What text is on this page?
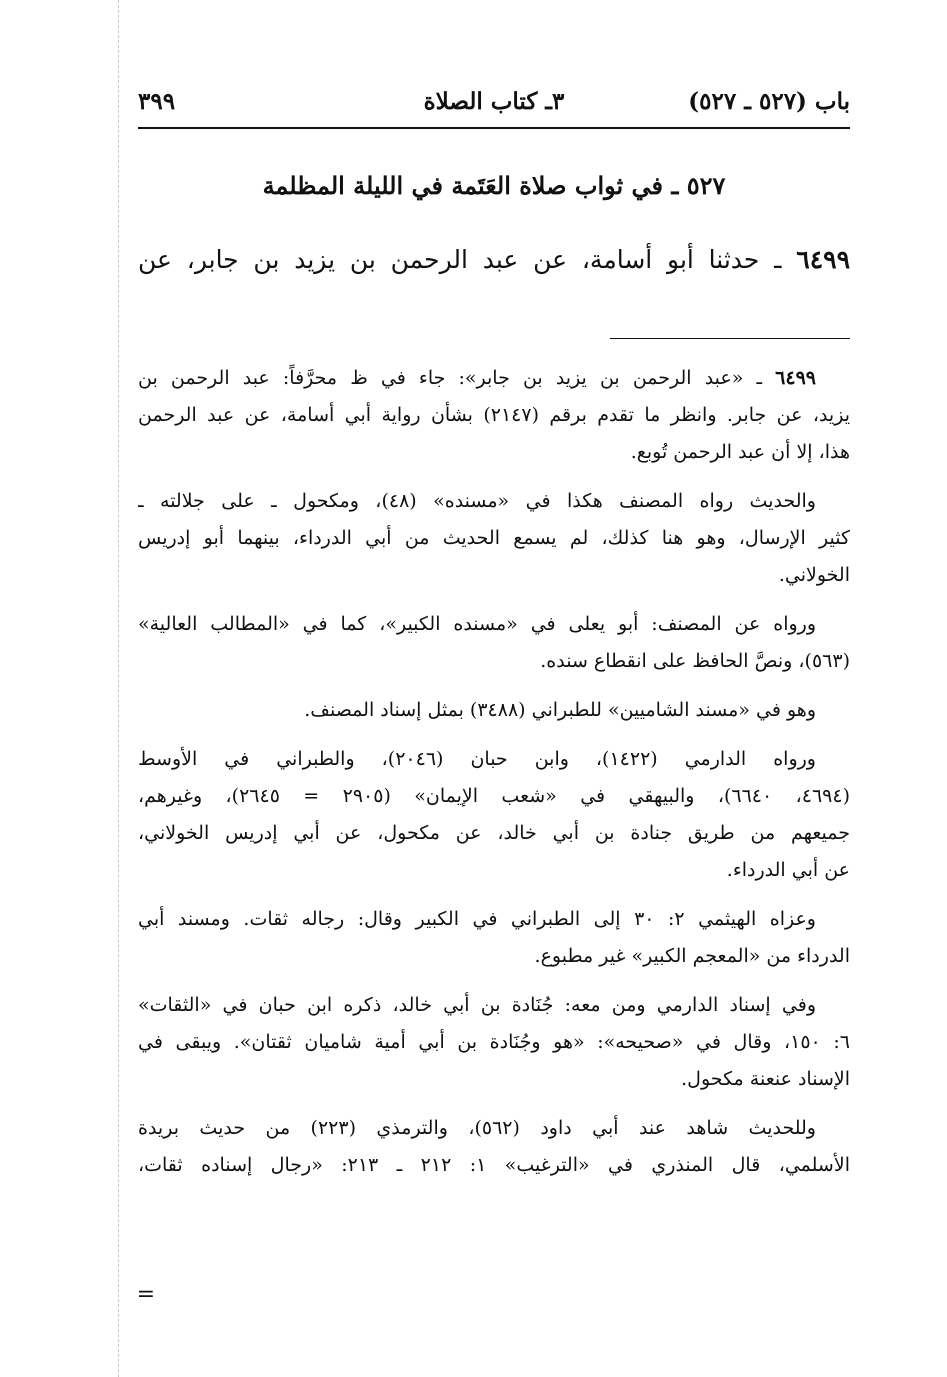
باب (٥٢٧ ـ ٥٢٧)
٣ـ كتاب الصلاة
٣٩٩
٥٢٧ ـ في ثواب صلاة العَتَمة في الليلة المظلمة
٦٤٩٩ ـ حدثنا أبو أسامة، عن عبد الرحمن بن يزيد بن جابر، عن
٦٤٩٩ ـ «عبد الرحمن بن يزيد بن جابر»: جاء في ظ محرَّفاً: عبد الرحمن بن
يزيد، عن جابر. وانظر ما تقدم برقم (٢١٤٧) بشأن رواية أبي أسامة، عن عبد الرحمن
هذا، إلا أن عبد الرحمن تُوبع.
والحديث رواه المصنف هكذا في «مسنده» (٤٨)، ومكحول ـ على جلالته ـ
كثير الإرسال، وهو هنا كذلك، لم يسمع الحديث من أبي الدرداء، بينهما أبو إدريس
الخولاني.
ورواه عن المصنف: أبو يعلى في «مسنده الكبير»، كما في «المطالب العالية»
(٥٦٣)، ونصَّ الحافظ على انقطاع سنده.
وهو في «مسند الشاميين» للطبراني (٣٤٨٨) بمثل إسناد المصنف.
ورواه الدارمي (١٤٢٢)، وابن حبان (٢٠٤٦)، والطبراني في الأوسط
(٤٦٩٤، ٦٦٤٠)، والبيهقي في «شعب الإيمان» (٢٩٠٥ = ٢٦٤٥)، وغيرهم،
جميعهم من طريق جنادة بن أبي خالد، عن مكحول، عن أبي إدريس الخولاني،
عن أبي الدرداء.
وعزاه الهيثمي ٢: ٣٠ إلى الطبراني في الكبير وقال: رجاله ثقات. ومسند أبي
الدرداء من «المعجم الكبير» غير مطبوع.
وفي إسناد الدارمي ومن معه: جُنَادة بن أبي خالد، ذكره ابن حبان في «الثقات»
٦: ١٥٠، وقال في «صحيحه»: «هو وجُنَادة بن أبي أمية شاميان ثقتان». ويبقى في
الإسناد عنعنة مكحول.
وللحديث شاهد عند أبي داود (٥٦٢)، والترمذي (٢٢٣) من حديث بريدة
الأسلمي، قال المنذري في «الترغيب» ١: ٢١٢ ـ ٢١٣: «رجال إسناده ثقات،
=
